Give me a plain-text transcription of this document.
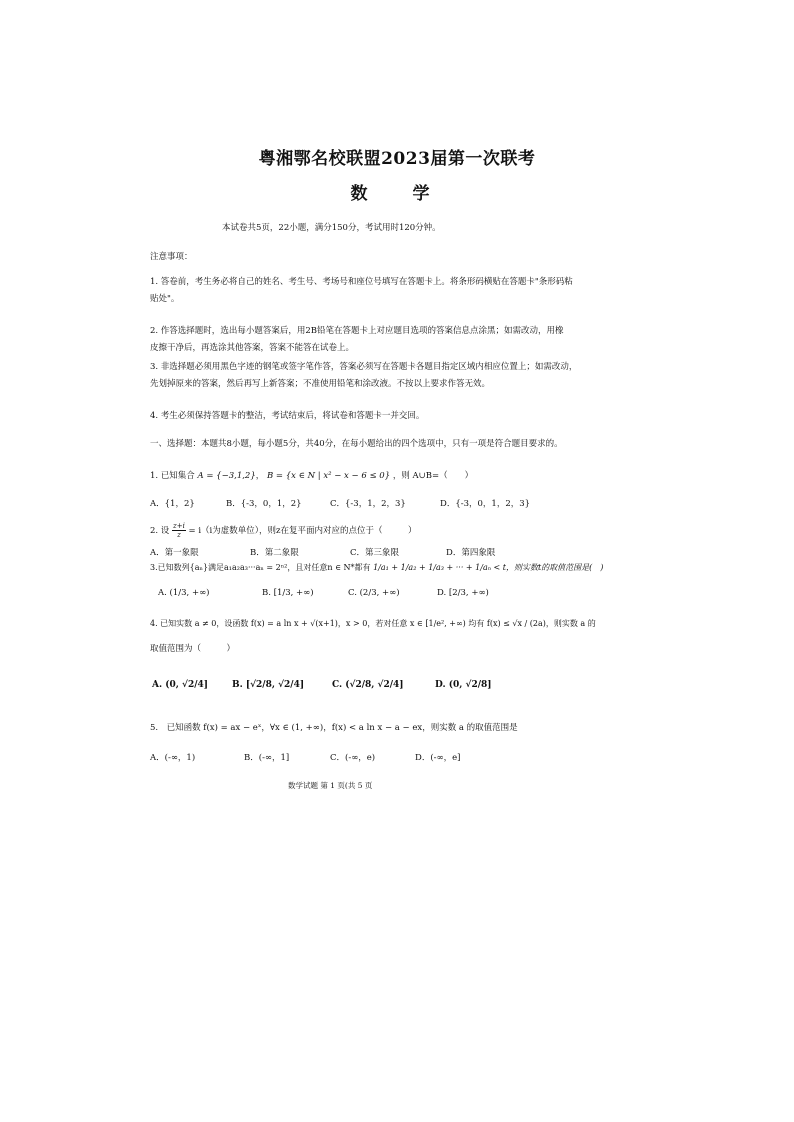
粤湘鄂名校联盟2023届第一次联考
数　学
本试卷共5页，22小题，满分150分，考试用时120分钟。
注意事项：
1. 答卷前，考生务必将自己的姓名、考生号、考场号和座位号填写在答题卡上。将条形码横贴在答题卡"条形码粘
贴处"。
2. 作答选择题时，选出每小题答案后，用2B铅笔在答题卡上对应题目选项的答案信息点涂黑；如需改动，用橡
皮擦干净后，再选涂其他答案，答案不能答在试卷上。
3. 非选择题必须用黑色字迹的钢笔或签字笔作答，答案必须写在答题卡各题目指定区域内相应位置上；如需改动，
先划掉原来的答案，然后再写上新答案；不准使用铅笔和涂改液。不按以上要求作答无效。
4. 考生必须保持答题卡的整洁，考试结束后，将试卷和答题卡一并交回。
一、选择题：本题共8小题，每小题5分，共40分，在每小题给出的四个选项中，只有一项是符合题目要求的。
1. 已知集合 A = {−3,1,2}， B = {x ∈ N | x² − x − 6 ≤ 0} ，则 A∪B=（　　）
A．{1，2}	B．{-3，0，1，2}	C．{-3，1，2，3}	D．{-3，0，1，2，3}
2. 设 $\frac{z+i}{z} = i(i$为虚数单位），则z在复平面内对应的点位于（　　　）
A．第一象限	B．第二象限	C．第三象限	D．第四象限
3.已知数列{aₙ}满足a₁a₂a₃···aₙ = 2ⁿ²，且对任意n ∈ N*都有 1/a₁ + 1/a₂ + 1/a₃ + ··· + 1/aₙ < t，则实数t的取值范围是(　)
A. (1/3, +∞)	B. [1/3, +∞)	C. (2/3, +∞)	D. [2/3, +∞)
4. 已知实数 a ≠ 0，设函数 f(x) = a ln x + √(x+1)，x > 0，若对任意 x ∈ [1/e², +∞) 均有 f(x) ≤ √x / (2a)，则实数 a 的
取值范围为（　　　）
A. (0, √2/4]	B. [√2/8, √2/4]	C. (√2/8, √2/4]	D. (0, √2/8]
5.　已知函数 f(x) = ax − eˣ，∀x ∈ (1, +∞)，f(x) < a ln x − a − ex，则实数 a 的取值范围是
A．(-∞，1)	B．(-∞，1]	C．(-∞，e)	D．(-∞，e]
数学试题 第 1 页(共 5 页
